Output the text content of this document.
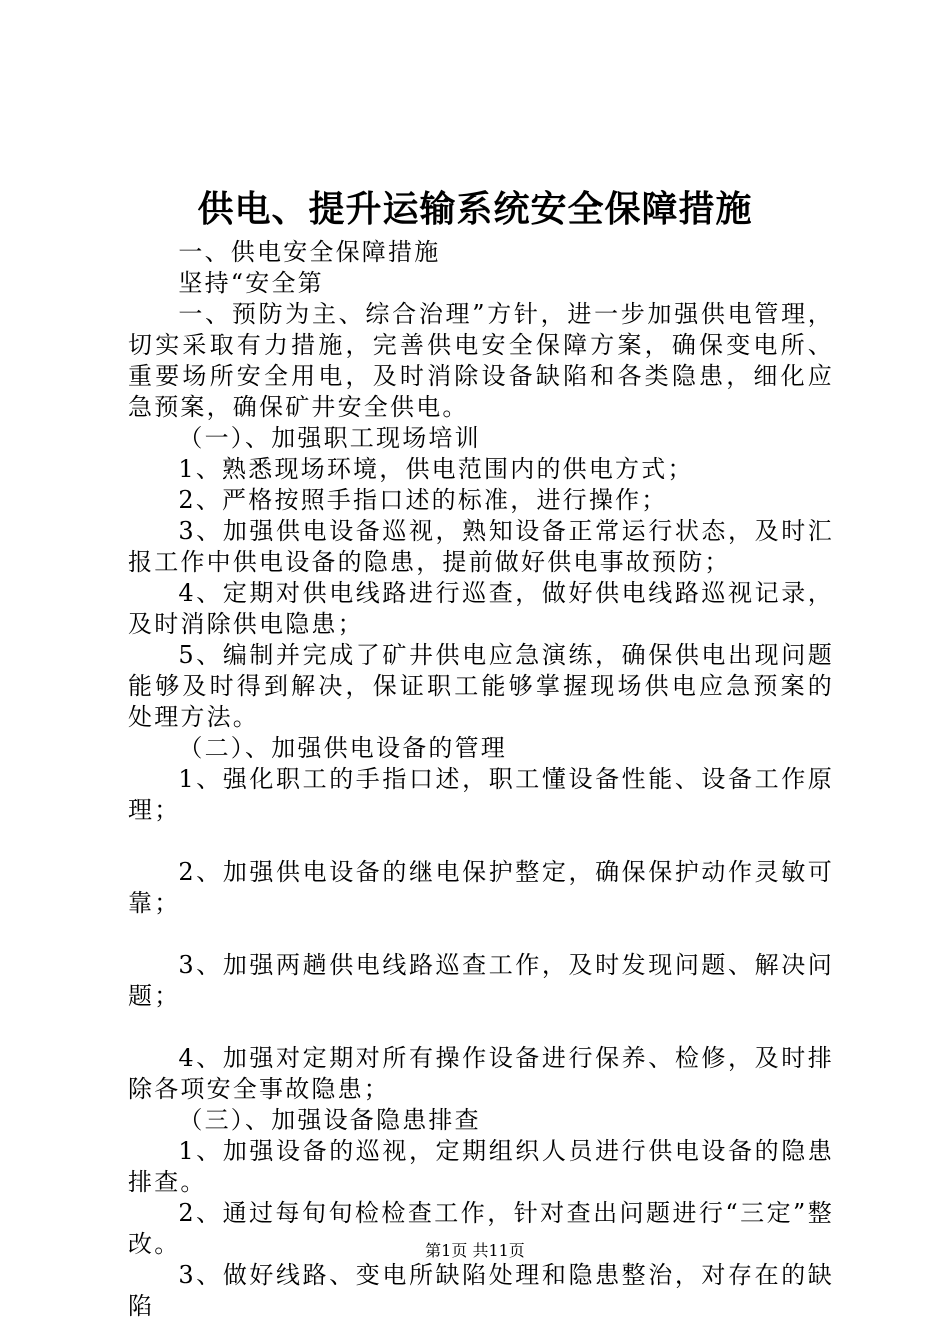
供电、提升运输系统安全保障措施

一、供电安全保障措施

坚持“安全第

一、预防为主、综合治理”方针，进一步加强供电管理，切实采取有力措施，完善供电安全保障方案，确保变电所、重要场所安全用电，及时消除设备缺陷和各类隐患，细化应急预案，确保矿井安全供电。

（一）、加强职工现场培训

1、熟悉现场环境，供电范围内的供电方式；

2、严格按照手指口述的标准，进行操作；

3、加强供电设备巡视，熟知设备正常运行状态，及时汇报工作中供电设备的隐患，提前做好供电事故预防；

4、定期对供电线路进行巡查，做好供电线路巡视记录，及时消除供电隐患；

5、编制并完成了矿井供电应急演练，确保供电出现问题能够及时得到解决，保证职工能够掌握现场供电应急预案的处理方法。

（二）、加强供电设备的管理

1、强化职工的手指口述，职工懂设备性能、设备工作原理；

2、加强供电设备的继电保护整定，确保保护动作灵敏可靠；

3、加强两趟供电线路巡查工作，及时发现问题、解决问题；

4、加强对定期对所有操作设备进行保养、检修，及时排除各项安全事故隐患；

（三）、加强设备隐患排查

1、加强设备的巡视，定期组织人员进行供电设备的隐患排查。

2、通过每旬旬检检查工作，针对查出问题进行“三定”整改。

3、做好线路、变电所缺陷处理和隐患整治，对存在的缺陷

第1页 共11页
